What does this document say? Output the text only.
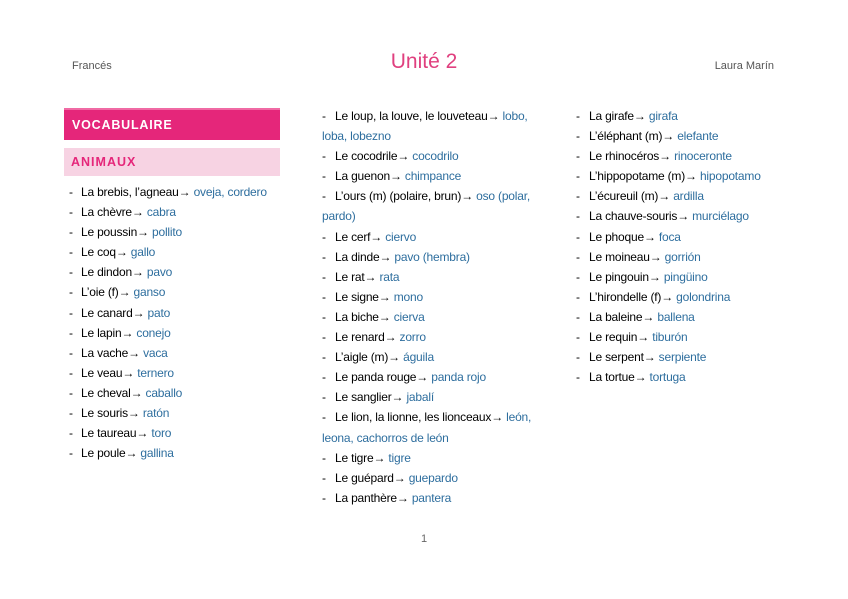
Francés	Unité 2	Laura Marín
VOCABULAIRE
ANIMAUX
- La brebis, l’agneau→ oveja, cordero
- La chèvre→ cabra
- Le poussin→ pollito
- Le coq→ gallo
- Le dindon→ pavo
- L’oie (f)→ ganso
- Le canard→ pato
- Le lapin→ conejo
- La vache→ vaca
- Le veau→ ternero
- Le cheval→ caballo
- Le souris→ ratón
- Le taureau→ toro
- Le poule→ gallina
- Le loup, la louve, le louveteau→ lobo, loba, lobezno
- Le cocodrile→ cocodrilo
- La guenon→ chimpance
- L’ours (m) (polaire, brun)→ oso (polar, pardo)
- Le cerf→ ciervo
- La dinde→ pavo (hembra)
- Le rat→ rata
- Le signe→ mono
- La biche→ cierva
- Le renard→ zorro
- L’aigle (m)→ águila
- Le panda rouge→ panda rojo
- Le sanglier→ jabalí
- Le lion, la lionne, les lionceaux→ león, leona, cachorros de león
- Le tigre→ tigre
- Le guépard→ guepardo
- La panthère→ pantera
- La girafe→ girafa
- L’éléphant (m)→ elefante
- Le rhinocéros→ rinoceronte
- L’hippopotame (m)→ hipopotamo
- L’écureuil (m)→ ardilla
- La chauve-souris→ murciélago
- Le phoque→ foca
- Le moineau→ gorrión
- Le pingouin→ pingüino
- L’hirondelle (f)→ golondrina
- La baleine→ ballena
- Le requin→ tiburón
- Le serpent→ serpiente
- La tortue→ tortuga
1
